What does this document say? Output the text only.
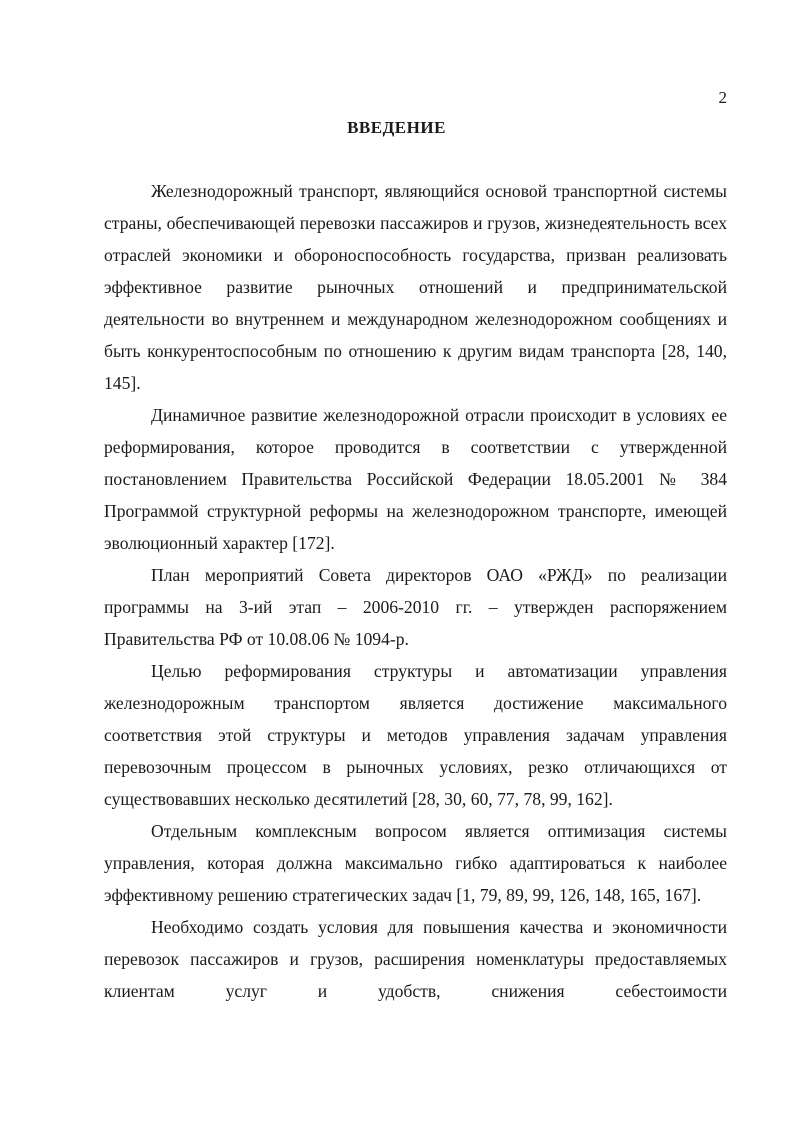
2
ВВЕДЕНИЕ

Железнодорожный транспорт, являющийся основой транспортной системы страны, обеспечивающей перевозки пассажиров и грузов, жизнедеятельность всех отраслей экономики и обороноспособность государства, призван реализовать эффективное развитие рыночных отношений и предпринимательской деятельности во внутреннем и международном железнодорожном сообщениях и быть конкурентоспособным по отношению к другим видам транспорта [28, 140, 145].

Динамичное развитие железнодорожной отрасли происходит в условиях ее реформирования, которое проводится в соответствии с утвержденной постановлением Правительства Российской Федерации 18.05.2001 № 384 Программой структурной реформы на железнодорожном транспорте, имеющей эволюционный характер [172].

План мероприятий Совета директоров ОАО «РЖД» по реализации программы на 3-ий этап – 2006-2010 гг. – утвержден распоряжением Правительства РФ от 10.08.06 № 1094-р.

Целью реформирования структуры и автоматизации управления железнодорожным транспортом является достижение максимального соответствия этой структуры и методов управления задачам управления перевозочным процессом в рыночных условиях, резко отличающихся от существовавших несколько десятилетий [28, 30, 60, 77, 78, 99, 162].

Отдельным комплексным вопросом является оптимизация системы управления, которая должна максимально гибко адаптироваться к наиболее эффективному решению стратегических задач [1, 79, 89, 99, 126, 148, 165, 167].

Необходимо создать условия для повышения качества и экономичности перевозок пассажиров и грузов, расширения номенклатуры предоставляемых клиентам услуг и удобств, снижения себестоимости
